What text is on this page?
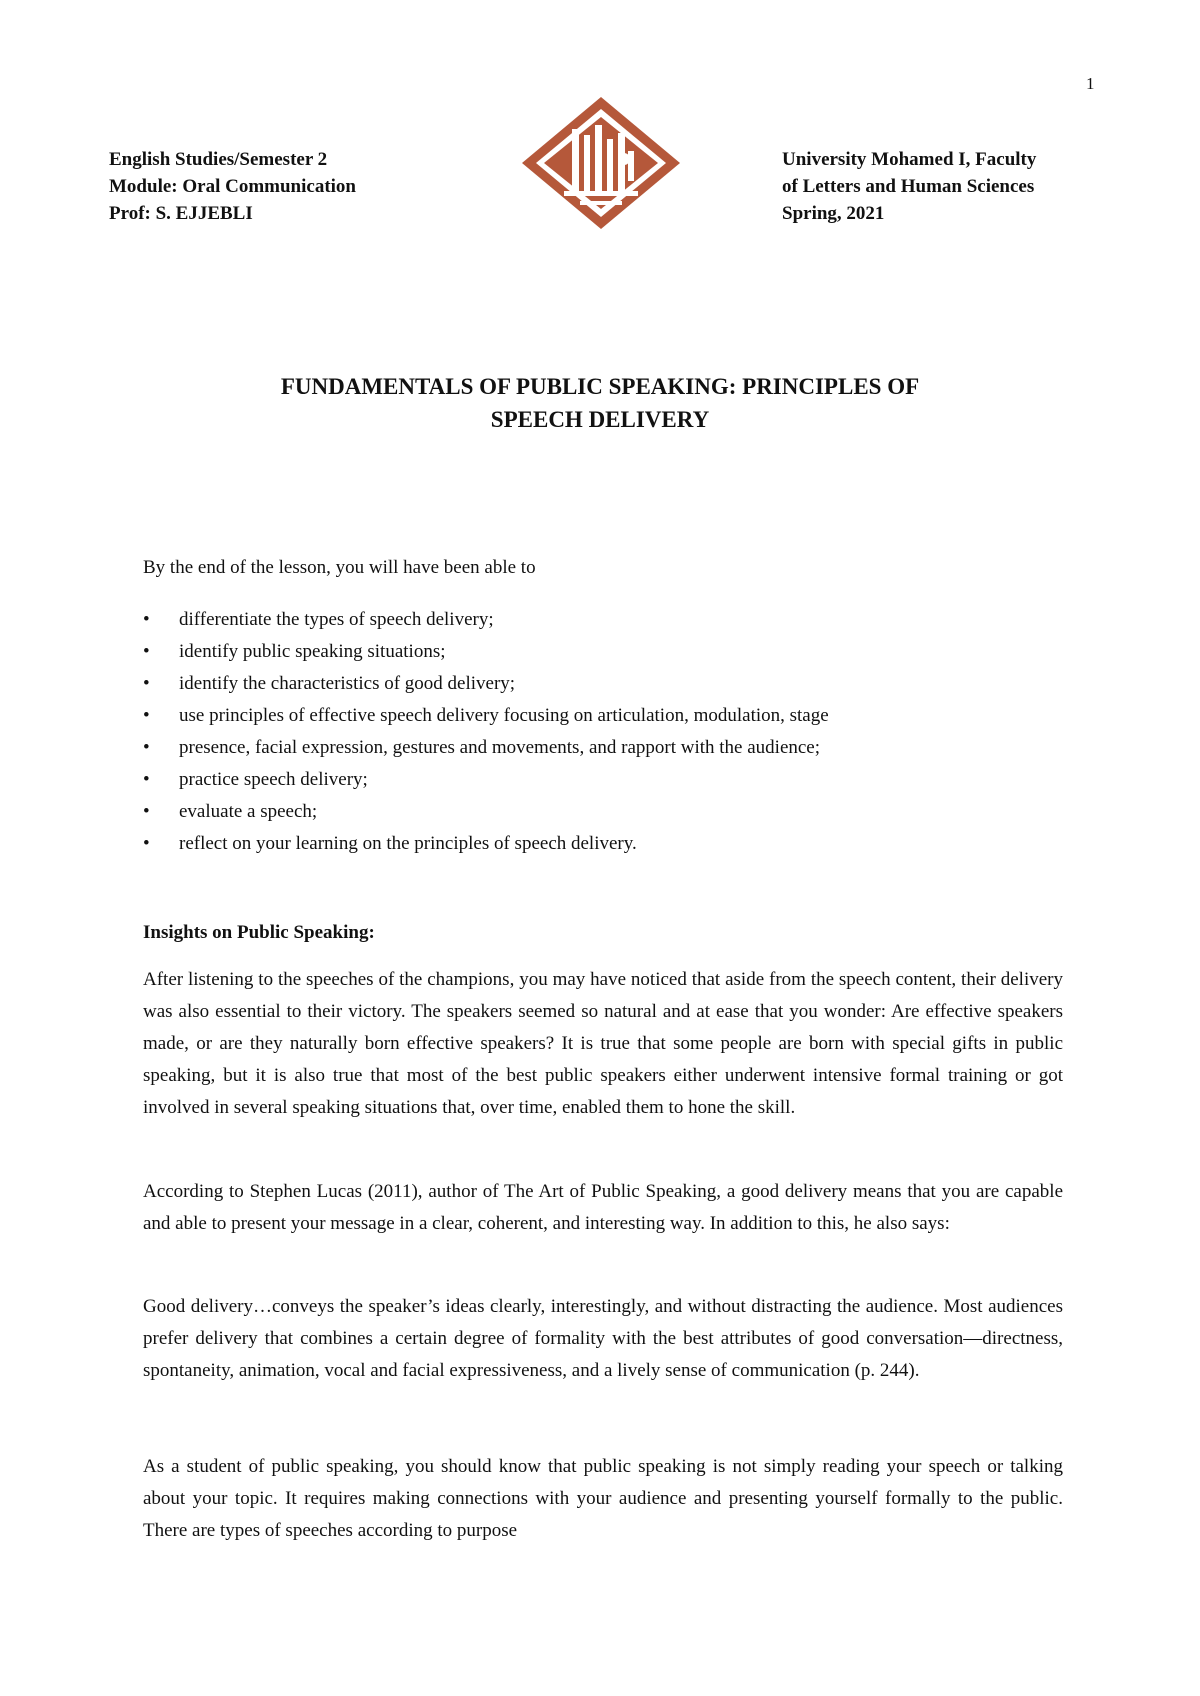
1
English Studies/Semester 2
Module: Oral Communication
Prof: S. EJJEBLI
University Mohamed I, Faculty
of Letters and Human Sciences
Spring, 2021
FUNDAMENTALS OF PUBLIC SPEAKING: PRINCIPLES OF
SPEECH DELIVERY
By the end of the lesson, you will have been able to
• differentiate the types of speech delivery;
• identify public speaking situations;
• identify the characteristics of good delivery;
• use principles of effective speech delivery focusing on articulation, modulation, stage
• presence, facial expression, gestures and movements, and rapport with the audience;
• practice speech delivery;
• evaluate a speech;
• reflect on your learning on the principles of speech delivery.
Insights on Public Speaking:

After listening to the speeches of the champions, you may have noticed that aside from the speech content, their delivery was also essential to their victory. The speakers seemed so natural and at ease that you wonder: Are effective speakers made, or are they naturally born effective speakers? It is true that some people are born with special gifts in public speaking, but it is also true that most of the best public speakers either underwent intensive formal training or got involved in several speaking situations that, over time, enabled them to hone the skill.

According to Stephen Lucas (2011), author of The Art of Public Speaking, a good delivery means that you are capable and able to present your message in a clear, coherent, and interesting way. In addition to this, he also says:

Good delivery…conveys the speaker’s ideas clearly, interestingly, and without distracting the audience. Most audiences prefer delivery that combines a certain degree of formality with the best attributes of good conversation—directness, spontaneity, animation, vocal and facial expressiveness, and a lively sense of communication (p. 244).

As a student of public speaking, you should know that public speaking is not simply reading your speech or talking about your topic. It requires making connections with your audience and presenting yourself formally to the public. There are types of speeches according to purpose
